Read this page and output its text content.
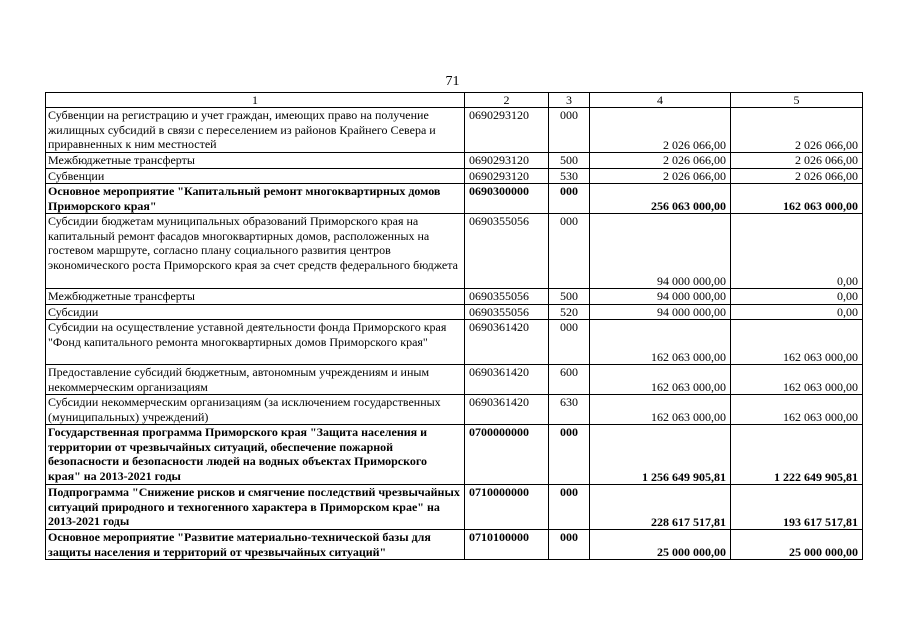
71
1	2	3	4	5
Субвенции на регистрацию и учет граждан, имеющих право на получение жилищных субсидий в связи с переселением из районов Крайнего Севера и приравненных к ним местностей	0690293120	000	2 026 066,00	2 026 066,00
Межбюджетные трансферты	0690293120	500	2 026 066,00	2 026 066,00
Субвенции	0690293120	530	2 026 066,00	2 026 066,00
Основное мероприятие "Капитальный ремонт многоквартирных домов Приморского края"	0690300000	000	256 063 000,00	162 063 000,00
Субсидии бюджетам муниципальных образований Приморского края на капитальный ремонт фасадов многоквартирных домов, расположенных на гостевом маршруте, согласно плану социального развития центров экономического роста Приморского края за счет средств федерального бюджета	0690355056	000	94 000 000,00	0,00
Межбюджетные трансферты	0690355056	500	94 000 000,00	0,00
Субсидии	0690355056	520	94 000 000,00	0,00
Субсидии на осуществление уставной деятельности фонда Приморского края "Фонд капитального ремонта многоквартирных домов Приморского края"	0690361420	000	162 063 000,00	162 063 000,00
Предоставление субсидий бюджетным, автономным учреждениям и иным некоммерческим организациям	0690361420	600	162 063 000,00	162 063 000,00
Субсидии некоммерческим организациям (за исключением государственных (муниципальных) учреждений)	0690361420	630	162 063 000,00	162 063 000,00
Государственная программа Приморского края "Защита населения и территории от чрезвычайных ситуаций, обеспечение пожарной безопасности и безопасности людей на водных объектах Приморского края" на 2013-2021 годы	0700000000	000	1 256 649 905,81	1 222 649 905,81
Подпрограмма "Снижение рисков и смягчение последствий чрезвычайных ситуаций природного и техногенного характера в Приморском крае" на 2013-2021 годы	0710000000	000	228 617 517,81	193 617 517,81
Основное мероприятие "Развитие материально-технической базы для защиты населения и территорий от чрезвычайных ситуаций"	0710100000	000	25 000 000,00	25 000 000,00
